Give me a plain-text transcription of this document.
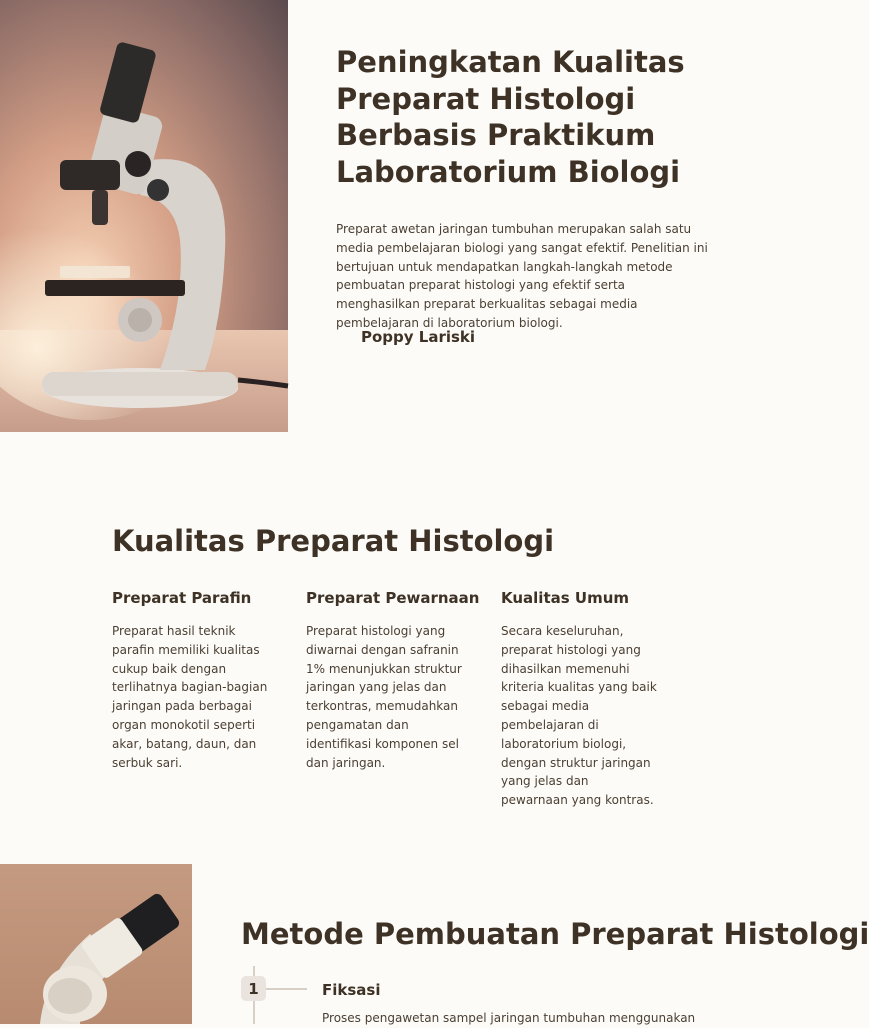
Peningkatan Kualitas Preparat Histologi Berbasis Praktikum Laboratorium Biologi

Preparat awetan jaringan tumbuhan merupakan salah satu media pembelajaran biologi yang sangat efektif. Penelitian ini bertujuan untuk mendapatkan langkah-langkah metode pembuatan preparat histologi yang efektif serta menghasilkan preparat berkualitas sebagai media pembelajaran di laboratorium biologi.

Poppy Lariski

Kualitas Preparat Histologi
Preparat Parafin

Preparat hasil teknik parafin memiliki kualitas cukup baik dengan terlihatnya bagian-bagian jaringan pada berbagai organ monokotil seperti akar, batang, daun, dan serbuk sari.

Preparat Pewarnaan

Preparat histologi yang diwarnai dengan safranin 1% menunjukkan struktur jaringan yang jelas dan terkontras, memudahkan pengamatan dan identifikasi komponen sel dan jaringan.

Kualitas Umum

Secara keseluruhan, preparat histologi yang dihasilkan memenuhi kriteria kualitas yang baik sebagai media pembelajaran di laboratorium biologi, dengan struktur jaringan yang jelas dan pewarnaan yang kontras.

Metode Pembuatan Preparat Histologi
1	Fiksasi

Proses pengawetan sampel jaringan tumbuhan menggunakan
